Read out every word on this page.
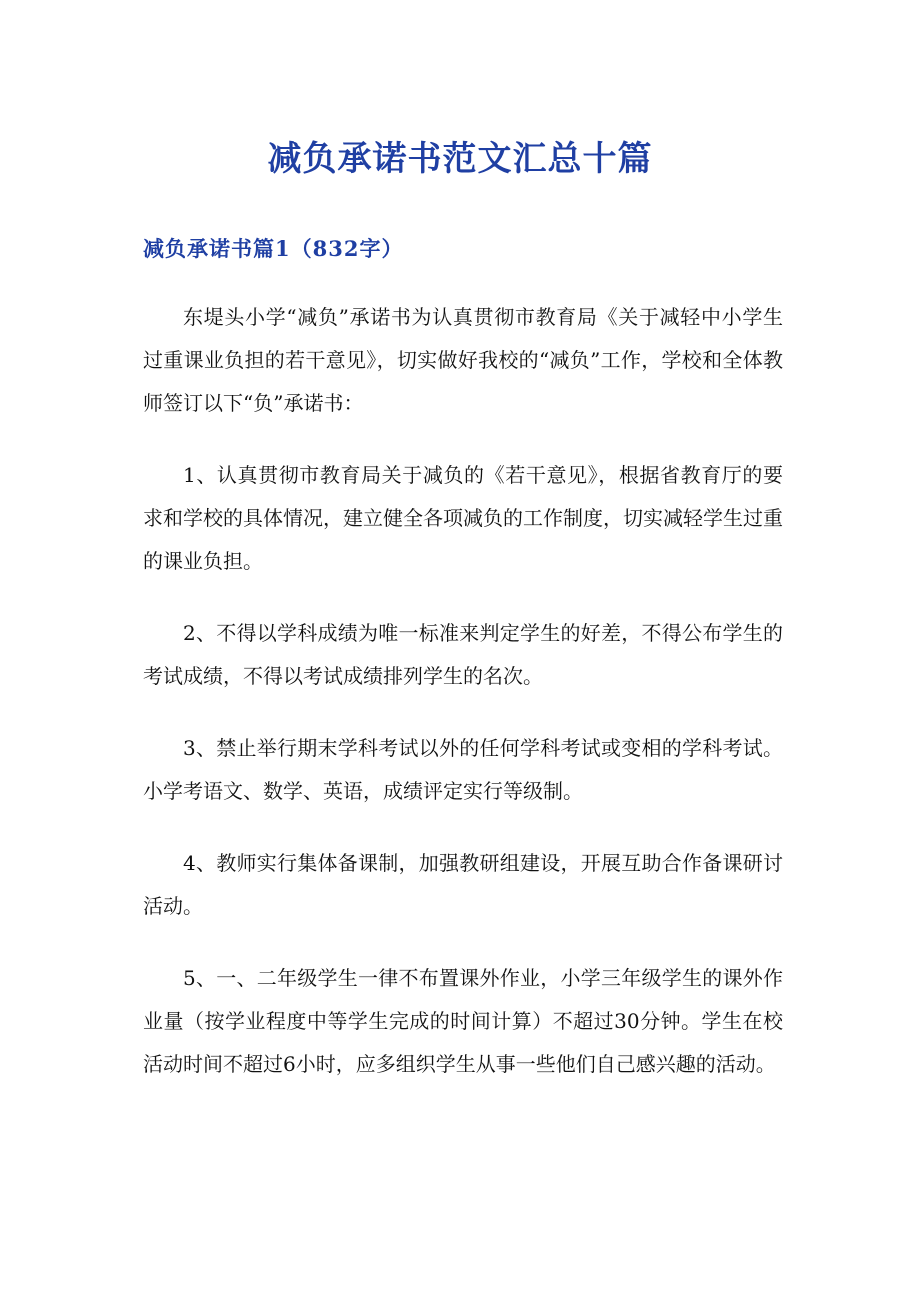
减负承诺书范文汇总十篇
减负承诺书篇1（832字）

东堤头小学“减负”承诺书为认真贯彻市教育局《关于减轻中小学生过重课业负担的若干意见》，切实做好我校的“减负”工作，学校和全体教师签订以下“负”承诺书：

1、认真贯彻市教育局关于减负的《若干意见》，根据省教育厅的要求和学校的具体情况，建立健全各项减负的工作制度，切实减轻学生过重的课业负担。

2、不得以学科成绩为唯一标准来判定学生的好差，不得公布学生的考试成绩，不得以考试成绩排列学生的名次。

3、禁止举行期末学科考试以外的任何学科考试或变相的学科考试。小学考语文、数学、英语，成绩评定实行等级制。

4、教师实行集体备课制，加强教研组建设，开展互助合作备课研讨活动。

5、一、二年级学生一律不布置课外作业，小学三年级学生的课外作业量（按学业程度中等学生完成的时间计算）不超过30分钟。学生在校活动时间不超过6小时，应多组织学生从事一些他们自己感兴趣的活动。
